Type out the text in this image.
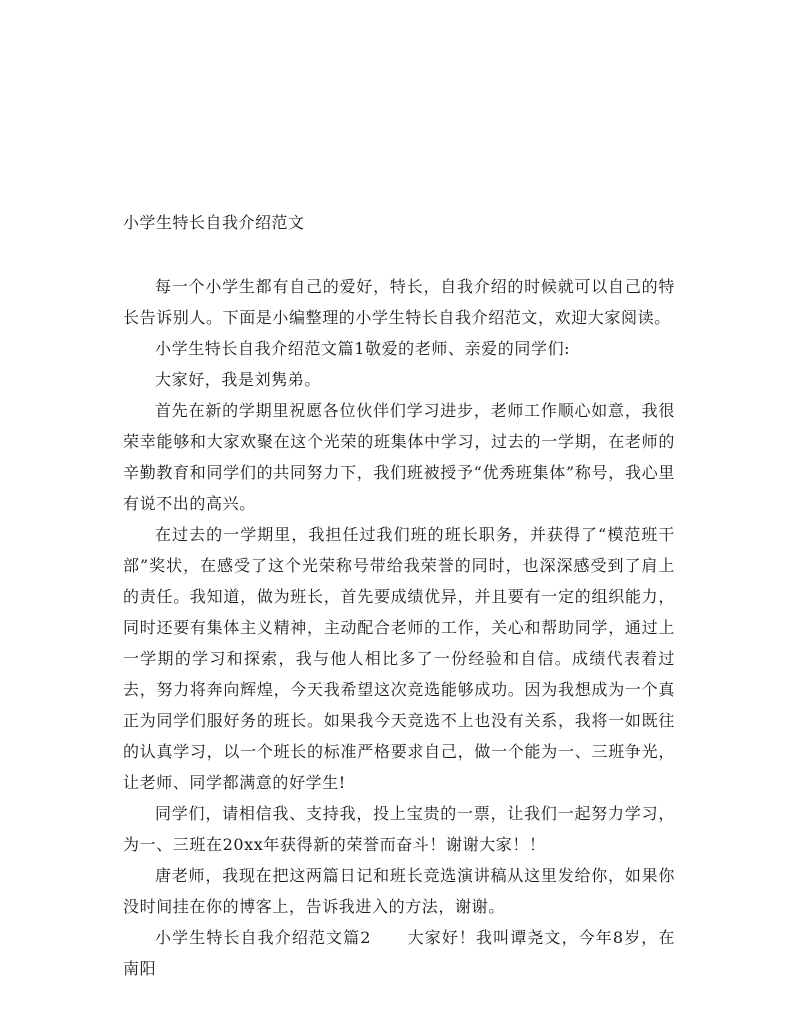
小学生特长自我介绍范文

每一个小学生都有自己的爱好，特长，自我介绍的时候就可以自己的特长告诉别人。下面是小编整理的小学生特长自我介绍范文，欢迎大家阅读。

小学生特长自我介绍范文篇1敬爱的老师、亲爱的同学们:

大家好，我是刘隽弟。

首先在新的学期里祝愿各位伙伴们学习进步，老师工作顺心如意，我很荣幸能够和大家欢聚在这个光荣的班集体中学习，过去的一学期，在老师的辛勤教育和同学们的共同努力下，我们班被授予“优秀班集体”称号，我心里有说不出的高兴。

在过去的一学期里，我担任过我们班的班长职务，并获得了“模范班干部”奖状，在感受了这个光荣称号带给我荣誉的同时，也深深感受到了肩上的责任。我知道，做为班长，首先要成绩优异，并且要有一定的组织能力，同时还要有集体主义精神，主动配合老师的工作，关心和帮助同学，通过上一学期的学习和探索，我与他人相比多了一份经验和自信。成绩代表着过去，努力将奔向辉煌，今天我希望这次竞选能够成功。因为我想成为一个真正为同学们服好务的班长。如果我今天竞选不上也没有关系，我将一如既往的认真学习，以一个班长的标准严格要求自己，做一个能为一、三班争光，让老师、同学都满意的好学生!

同学们，请相信我、支持我，投上宝贵的一票，让我们一起努力学习，为一、三班在20xx年获得新的荣誉而奋斗！谢谢大家！！

唐老师，我现在把这两篇日记和班长竞选演讲稿从这里发给你，如果你没时间挂在你的博客上，告诉我进入的方法，谢谢。

小学生特长自我介绍范文篇2 大家好！我叫谭尧文，今年8岁，在南阳
